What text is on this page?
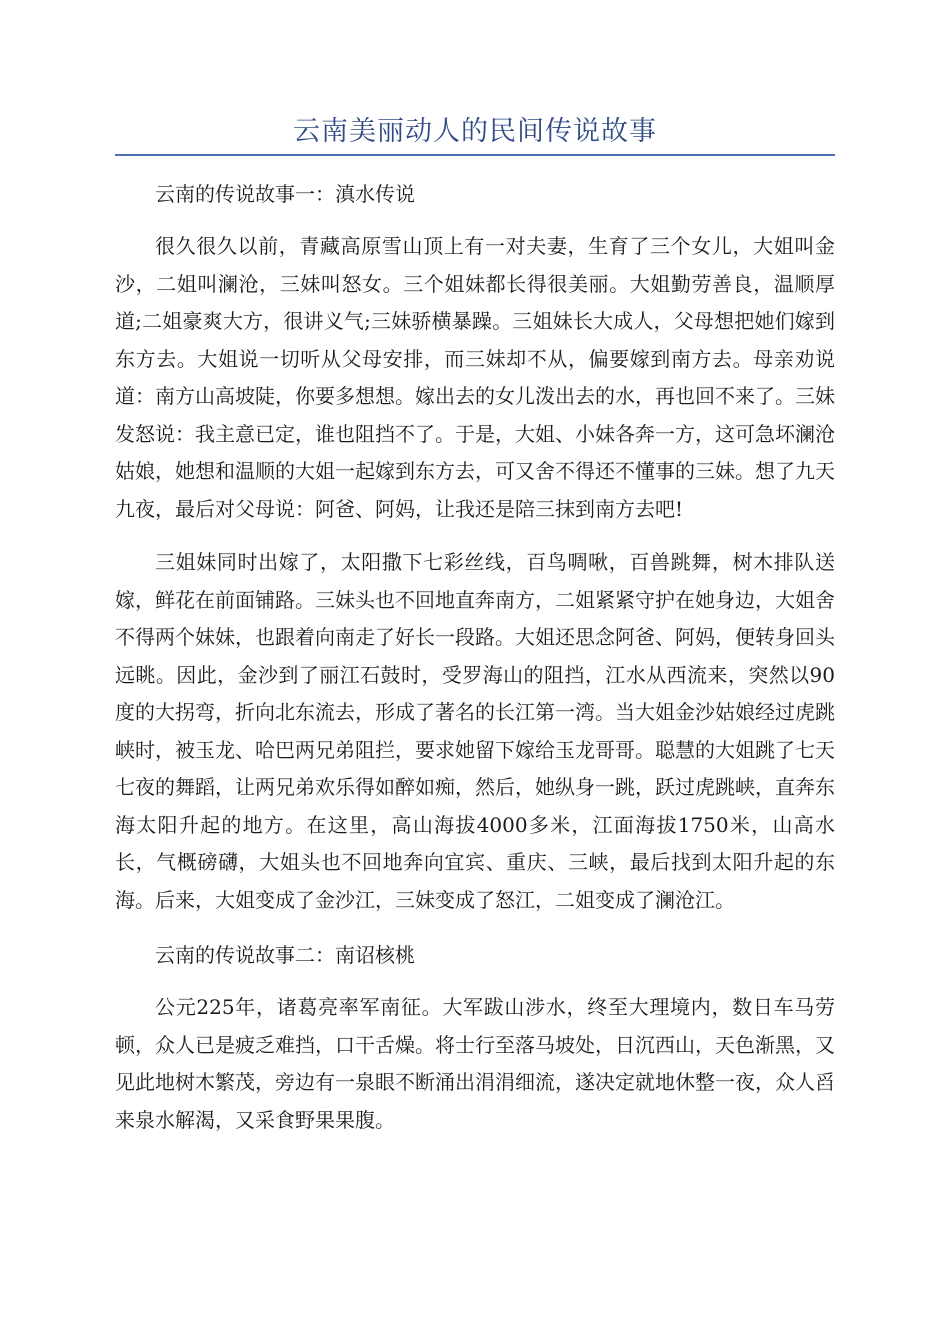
云南美丽动人的民间传说故事

云南的传说故事一：滇水传说

很久很久以前，青藏高原雪山顶上有一对夫妻，生育了三个女儿，大姐叫金沙，二姐叫澜沧，三妹叫怒女。三个姐妹都长得很美丽。大姐勤劳善良，温顺厚道;二姐豪爽大方，很讲义气;三妹骄横暴躁。三姐妹长大成人，父母想把她们嫁到东方去。大姐说一切听从父母安排，而三妹却不从，偏要嫁到南方去。母亲劝说道：南方山高坡陡，你要多想想。嫁出去的女儿泼出去的水，再也回不来了。三妹发怒说：我主意已定，谁也阻挡不了。于是，大姐、小妹各奔一方，这可急坏澜沧姑娘，她想和温顺的大姐一起嫁到东方去，可又舍不得还不懂事的三妹。想了九天九夜，最后对父母说：阿爸、阿妈，让我还是陪三抹到南方去吧!

三姐妹同时出嫁了，太阳撒下七彩丝线，百鸟啁啾，百兽跳舞，树木排队送嫁，鲜花在前面铺路。三妹头也不回地直奔南方，二姐紧紧守护在她身边，大姐舍不得两个妹妹，也跟着向南走了好长一段路。大姐还思念阿爸、阿妈，便转身回头远眺。因此，金沙到了丽江石鼓时，受罗海山的阻挡，江水从西流来，突然以90度的大拐弯，折向北东流去，形成了著名的长江第一湾。当大姐金沙姑娘经过虎跳峡时，被玉龙、哈巴两兄弟阻拦，要求她留下嫁给玉龙哥哥。聪慧的大姐跳了七天七夜的舞蹈，让两兄弟欢乐得如醉如痴，然后，她纵身一跳，跃过虎跳峡，直奔东海太阳升起的地方。在这里，高山海拔4000多米，江面海拔1750米，山高水长，气概磅礴，大姐头也不回地奔向宜宾、重庆、三峡，最后找到太阳升起的东海。后来，大姐变成了金沙江，三妹变成了怒江，二姐变成了澜沧江。

云南的传说故事二：南诏核桃

公元225年，诸葛亮率军南征。大军跋山涉水，终至大理境内，数日车马劳顿，众人已是疲乏难挡，口干舌燥。将士行至落马坡处，日沉西山，天色渐黑，又见此地树木繁茂，旁边有一泉眼不断涌出涓涓细流，遂决定就地休整一夜，众人舀来泉水解渴，又采食野果果腹。
